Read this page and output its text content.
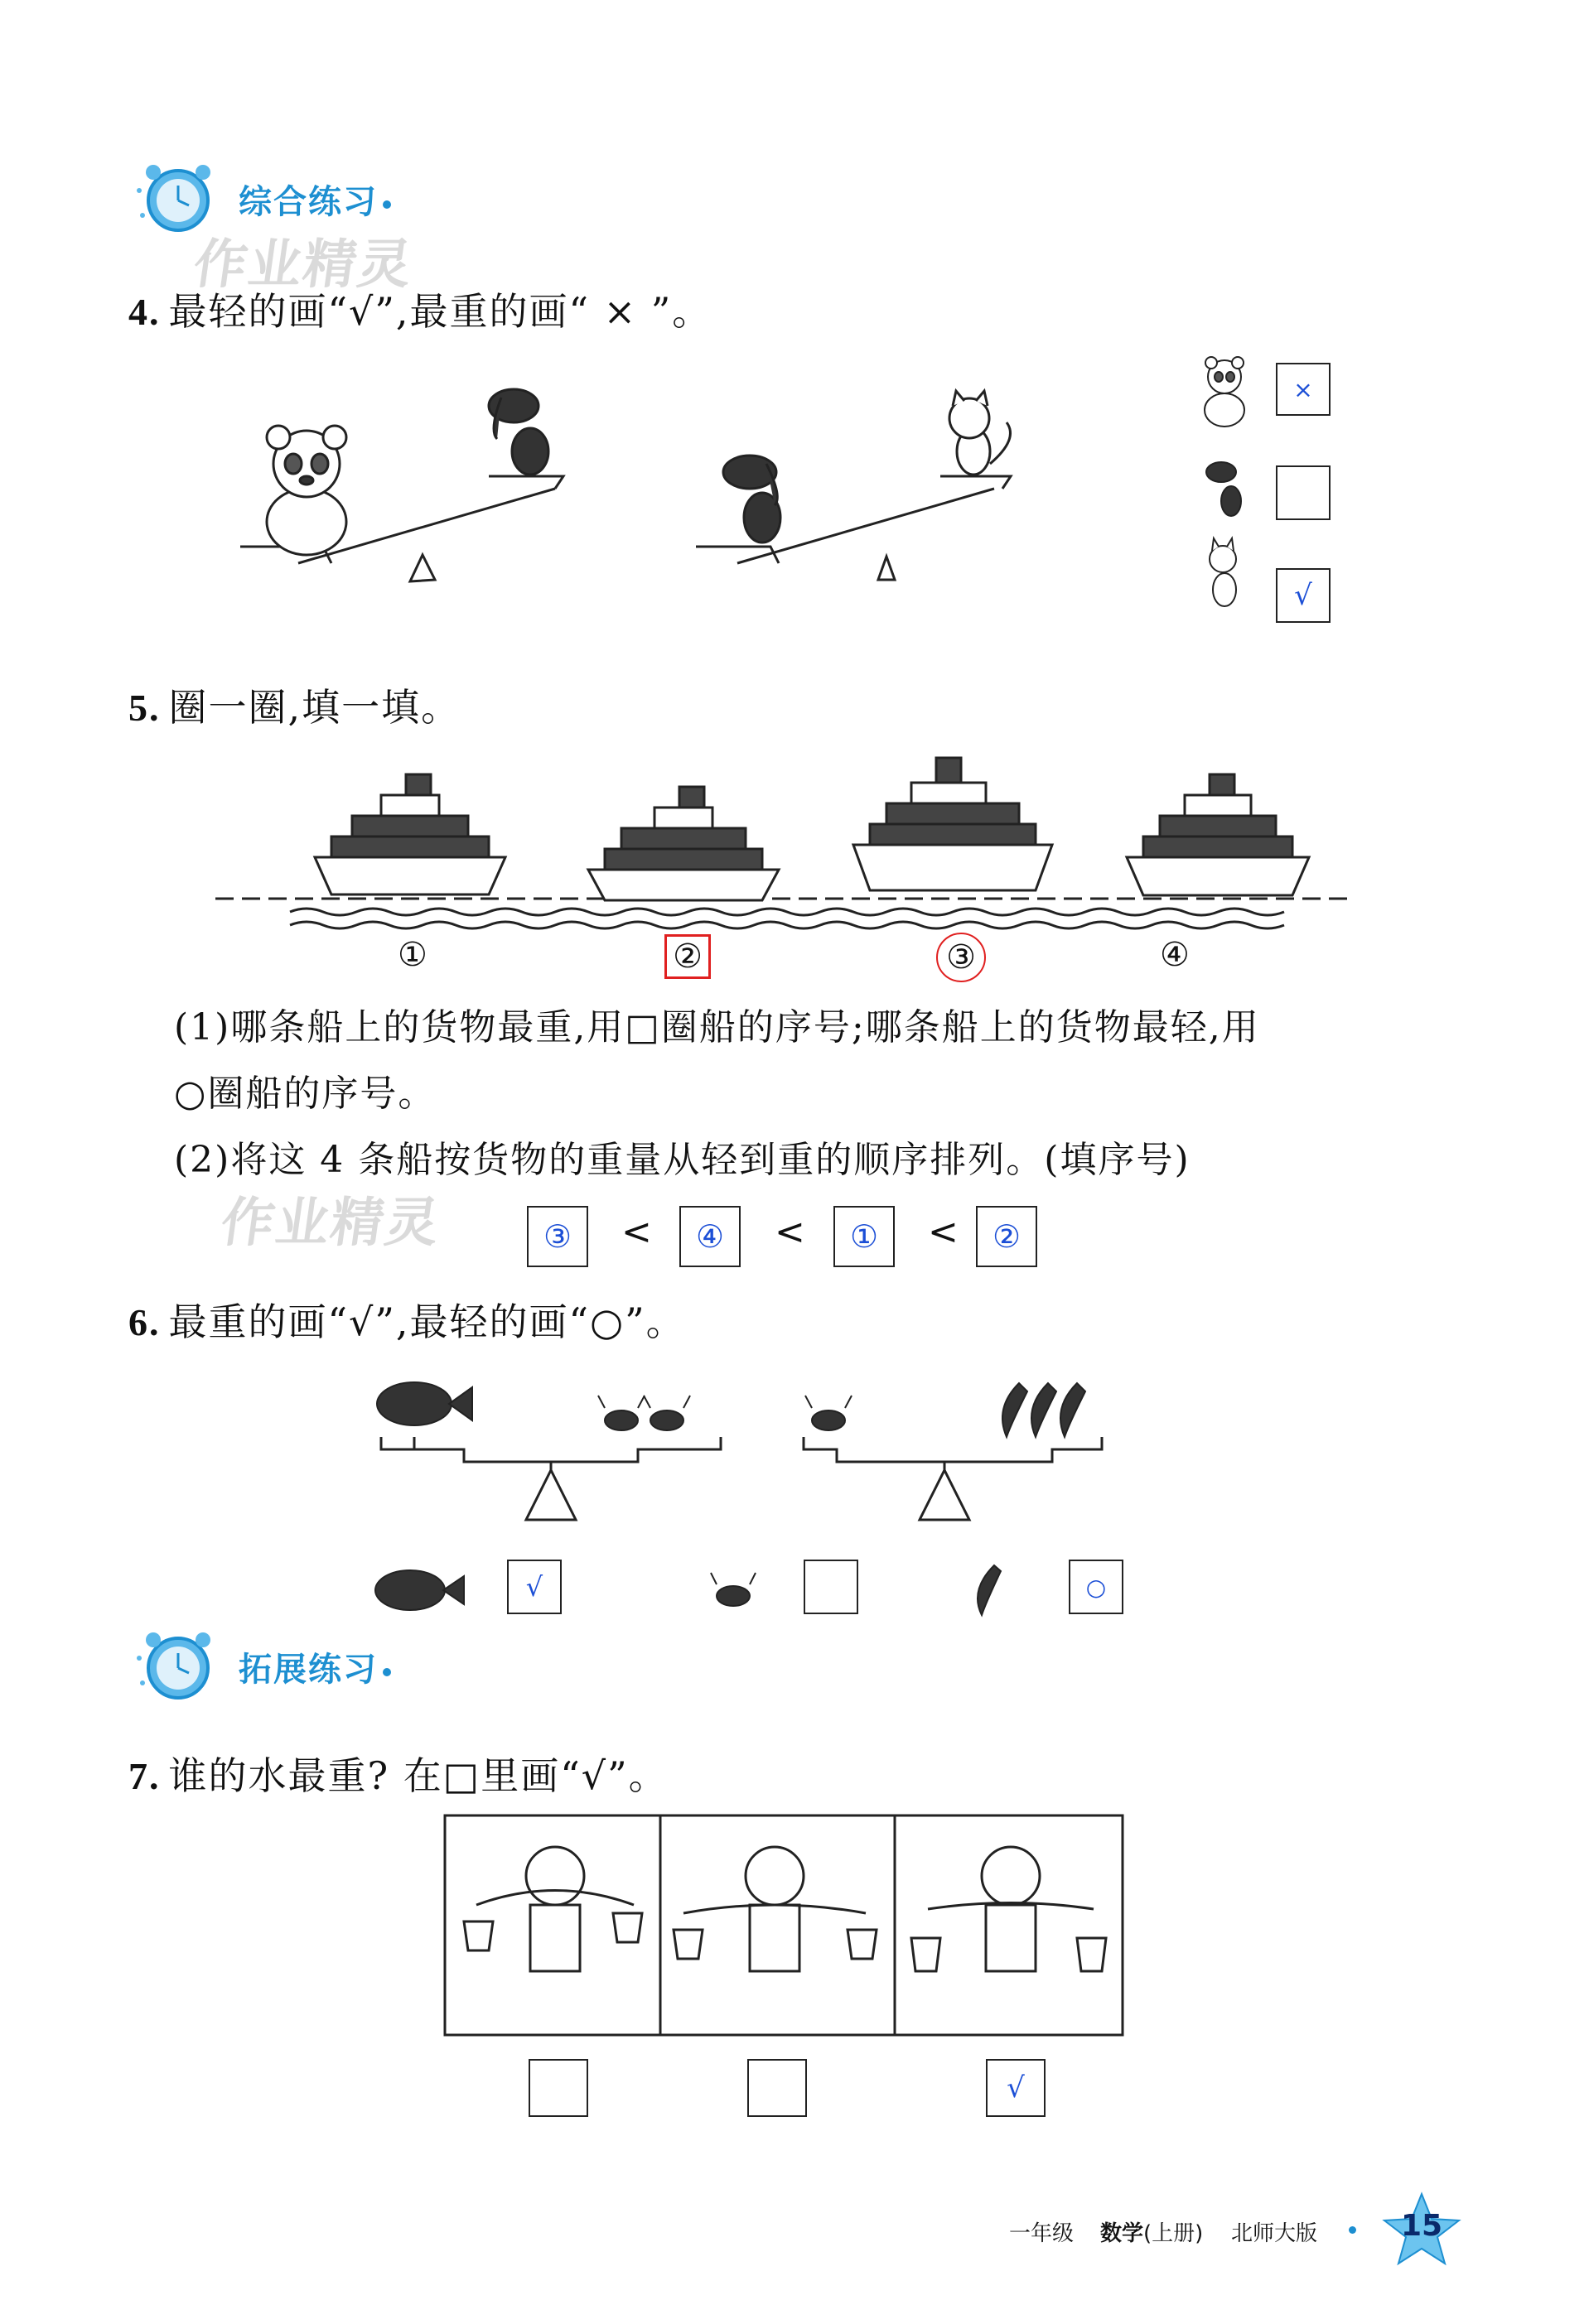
综合练习
作业精灵
4. 最轻的画“√”,最重的画“ × ”。
×
√
5. 圈一圈,填一填。
①	②	③	④
(1)哪条船上的货物最重,用□圈船的序号;哪条船上的货物最轻,用
○圈船的序号。
(2)将这 4 条船按货物的重量从轻到重的顺序排列。(填序号)
作业精灵	③	<	④	<	①	<	②
6. 最重的画“√”,最轻的画“○”。
√	○
拓展练习
7. 谁的水最重? 在□里画“√”。
√
一年级 数学 (上册) 北师大版	15
